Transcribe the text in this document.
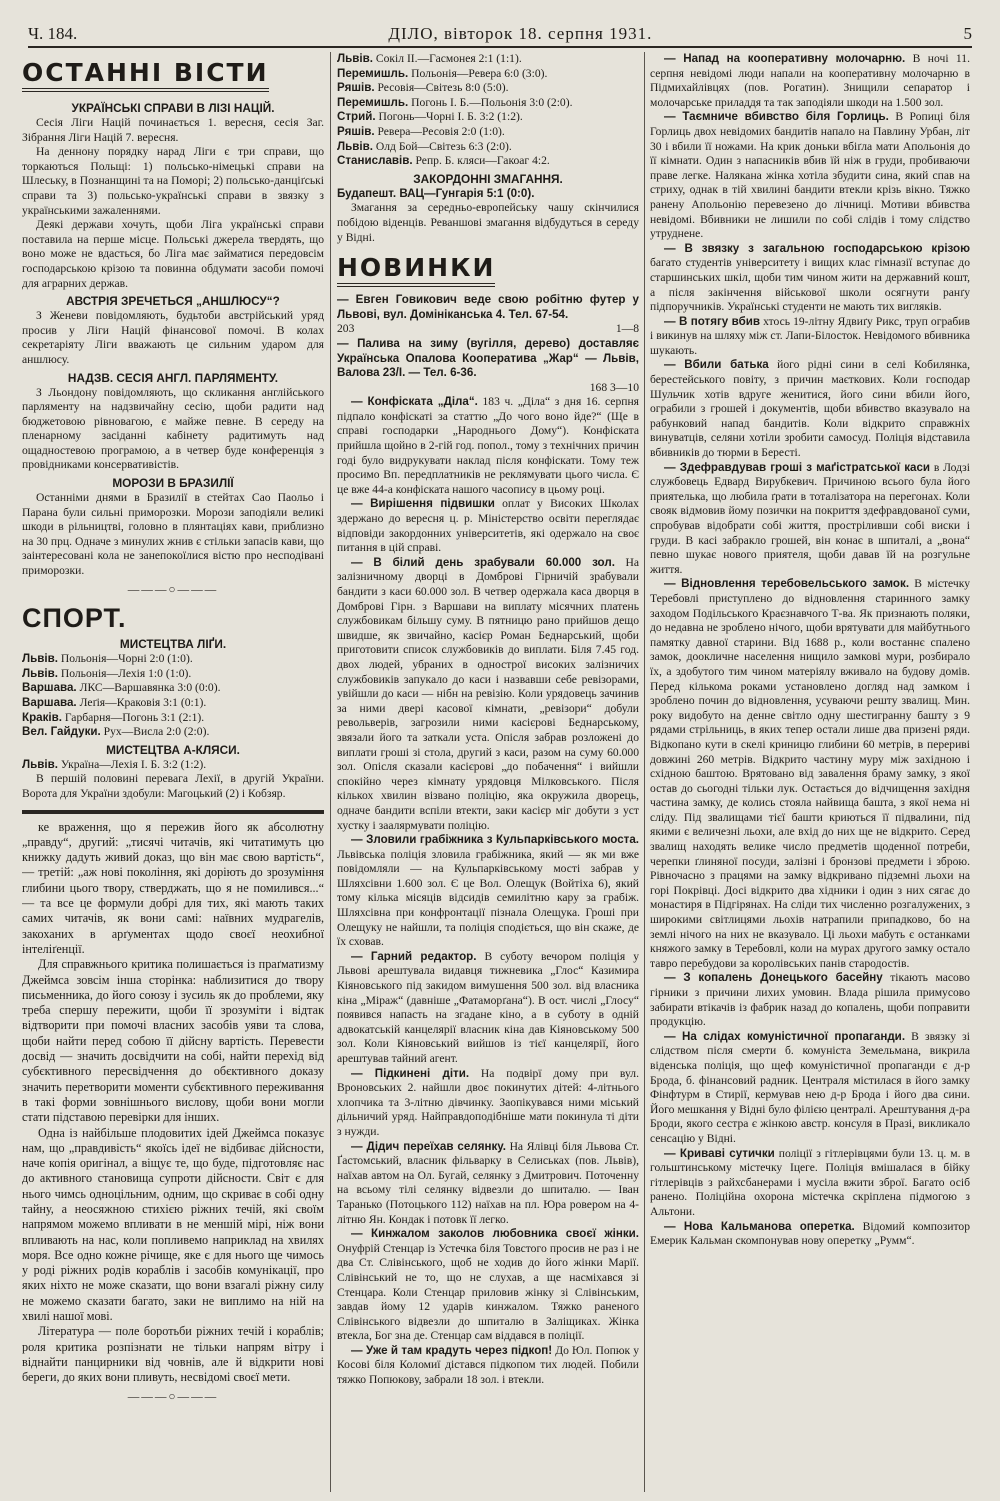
Ч. 184.	ДІЛО, вівторок 18. серпня 1931.	5
ОСТАННІ ВІСТИ
УКРАЇНСЬКІ СПРАВИ В ЛІЗІ НАЦІЙ.

Сесія Ліги Націй починається 1. вересня, сесія Заг. Зібрання Ліги Націй 7. вересня.

На деннону порядку нарад Ліги є три справи, що торкаються Польщі: 1) польсько-німецькі справи на Шлеську, в Познанщині та на Поморі; 2) польсько-данціґські справи та 3) польсько-українські справи в звязку з українськими зажаленнями.

Деякі держави хочуть, щоби Ліга українські справи поставила на перше місце. Польські джерела твердять, що воно може не вдасться, бо Ліга має займатися передовсім господарською крізою та повинна обдумати засоби помочі для аграрних держав.

АВСТРІЯ ЗРЕЧЕТЬСЯ „АНШЛЮСУ“?

З Женеви повідомляють, будьтоби австрійський уряд просив у Ліги Націй фінансової помочі. В колах секретаріяту Ліги вважають це сильним ударом для аншлюсу.

НАДЗВ. СЕСІЯ АНГЛ. ПАРЛЯМЕНТУ.

З Льондону повідомляють, що скликання англійського парляменту на надзвичайну сесію, щоби радити над бюджетовою рівновагою, є майже певне. В середу на пленарному засіданні кабінету радитимуть над ощадностевою програмою, а в четвер буде конференція з провідниками консервативістів.

МОРОЗИ В БРАЗИЛІЇ

Останніми днями в Бразилії в стейтах Сао Паольо і Парана були сильні приморозки. Морози заподіяли великі шкоди в рільництві, головно в плянтаціях кави, приблизно на 30 прц. Одначе з минулих жнив є стільки запасів кави, що заінтересовані кола не занепокоїлися вістю про несподівані приморозки.

———○———
СПОРТ.
МИСТЕЦТВА ЛІҐИ.
Львів. Польонія—Чорні 2:0 (1:0).
Львів. Польонія—Лехія 1:0 (1:0).
Варшава. ЛКС—Варшавянка 3:0 (0:0).
Варшава. Леґія—Краковія 3:1 (0:1).
Краків. Гарбарня—Погонь 3:1 (2:1).
Вел. Гайдуки. Рух—Висла 2:0 (2:0).
МИСТЕЦТВА А-КЛЯСИ.
Львів. Україна—Лехія І. Б. 3:2 (1:2).

В першій половині перевага Лехії, в другій України. Ворота для України здобули: Магоцький (2) і Кобзяр.

ке враження, що я пережив його як абсолютну „правду“, другий: „тисячі читачів, які читатимуть цю книжку дадуть живий доказ, що він має свою вартість“, — третій: „аж нові покоління, які доріють до зрозуміння глибини цього твору, стверджать, що я не помилився...“ — та все це формули добрі для тих, які мають таких самих читачів, як вони самі: наївних мудрагелів, закоханих в арґументах щодо своєї неохибної інтеліґенції.

Для справжнього критика полишається із праґматизму Джеймса зовсім інша сторінка: наблизитися до твору письменника, до його союзу і зусиль як до проблеми, яку треба спершу пережити, щоби її зрозуміти і відтак відтворити при помочі власних засобів уяви та слова, щоби найти перед собою її дійсну вартість. Перевести досвід — значить досвідчити на собі, найти перехід від субєктивного пересвідчення до обєктивного доказу значить перетворити моменти субєктивного переживання в такі форми зовнішнього вислову, щоби вони могли стати підставою перевірки для інших.

Одна із найбільше плодовитих ідей Джеймса показує нам, що „правдивість“ якоїсь ідеї не відбиває дійсности, наче копія оригінал, а віщує те, що буде, підготовляє нас до активного становища супроти дійсности. Світ є для нього чимсь одноцільним, одним, що скриває в собі одну тайну, а неосяжною стихією ріжних течій, які своїм напрямом можемо впливати в не меншій мірі, ніж вони впливають на нас, коли попливемо наприклад на хвилях моря. Все одно кожне річище, яке є для нього ще чимось у роді ріжних родів кораблів і засобів комунікації, про яких ніхто не може сказати, що вони взагалі ріжну силу не можемо сказати багато, заки не виплимо на ній на хвилі нашої мові.

Література — поле боротьби ріжних течій і кораблів; роля критика розпізнати не тільки напрям вітру і віднайти панцирники від човнів, але й відкрити нові береги, до яких вони пливуть, несвідомі своєї мети.

———○———
Львів. Сокіл II.—Гасмонея 2:1 (1:1).
Перемишль. Польонія—Ревера 6:0 (3:0).
Ряшів. Ресовія—Світезь 8:0 (5:0).
Перемишль. Погонь І. Б.—Польонія 3:0 (2:0).
Стрий. Погонь—Чорні І. Б. 3:2 (1:2).
Ряшів. Ревера—Ресовія 2:0 (1:0).
Львів. Олд Бой—Світезь 6:3 (2:0).
Станиславів. Репр. Б. кляси—Гакоаг 4:2.
ЗАКОРДОННІ ЗМАГАННЯ.
Будапешт. ВАЦ—Гунгарія 5:1 (0:0).

Змагання за середньо-европейську чашу скінчилися побідою віденців. Реваншові змагання відбудуться в середу у Відні.

НОВИНКИ

— Евген Говикович веде свою робітню футер у Львові, вул. Домініканська 4. Тел. 67-54.

203	1—8

— Палива на зиму (вугілля, дерево) доставляє Українська Опалова Кооператива „Жар“ — Львів, Валова 23/І. — Тел. 6-36.

168 3—10

— Конфіската „Діла“. 183 ч. „Діла“ з дня 16. серпня підпало конфіскаті за статтю „До чого воно йде?“ (Ще в справі господарки „Народнього Дому“). Конфіската прийшла щойно в 2-гій год. попол., тому з технічних причин годі було видрукувати наклад після конфіскати. Тому теж просимо Вп. передплатників не реклямувати цього числа. Є це вже 44-а конфіската нашого часопису в цьому році.

— Вирішення підвишки оплат у Високих Школах здержано до вересня ц. р. Міністерство освіти переглядає відповіди закордонних університетів, які одержало на своє питання в цій справі.

— В білий день зрабували 60.000 зол. На залізничному дворці в Домброві Гірничій зрабували бандити з каси 60.000 зол. В четвер одержала каса дворця в Домброві Гірн. з Варшави на виплату місячних платень службовикам більшу суму. В пятницю рано прийшов дещо швидше, як звичайно, касієр Роман Беднарський, щоби приготовити список службовиків до виплати. Біля 7.45 год. двох людей, убраних в однострої високих залізничих службовиків запукало до каси і назвавши себе ревізорами, увійшли до каси — нібн на ревізію. Коли урядовець зачинив за ними двері касової кімнати, „ревізори“ добули револьверів, загрозили ними касієрові Беднарському, звязали його та заткали уста. Опісля забрав розложені до виплати гроші зі стола, другий з каси, разом на суму 60.000 зол. Опісля сказали касієрові „до побачення“ і вийшли спокійно через кімнату урядовця Мілковського. Після кількох хвилин візвано поліцію, яка окружила дворець, одначе бандити вспіли втекти, заки касієр міг добути з уст хустку і заалярмувати поліцію.

— Зловили грабіжника з Кульпарківського моста. Львівська поліція зловила грабіжника, який — як ми вже повідомляли — на Кульпарківському мості забрав у Шляхсівни 1.600 зол. Є це Вол. Олещук (Войтіха 6), який тому кілька місяців відсидів семилітню кару за грабіж. Шляхсівна при конфронтації пізнала Олещука. Гроші при Олещуку не найшли, та поліція сподіється, що він скаже, де їх сховав.

— Гарний редактор. В суботу вечором поліція у Львові арештувала видавця тижневика „Глос“ Казимира Кіяновського під закидом вимушення 500 зол. від власника кіна „Міраж“ (давніше „Фатаморґана“). В ост. числі „Глосу“ появився напасть на згадане кіно, а в суботу в одній адвокатській канцелярії власник кіна дав Кіяновському 500 зол. Коли Кіяновський вийшов із тієї канцелярії, його арештував тайний агент.

— Підкинені діти. На подвірї дому при вул. Вроновських 2. найшли двоє покинутих дітей: 4-літнього хлопчика та 3-літню дівчинку. Заопікувався ними міський дільничий уряд. Найправдоподібніше мати покинула ті діти з нужди.

— Дідич переїхав селянку. На Ялівці біля Львова Ст. Ґастомський, власник фільварку в Селиськах (пов. Львів), наїхав автом на Ол. Бугай, селянку з Дмитрович. Поточенну на всьому тілі селянку відвезли до шпиталю. — Іван Таранько (Потоцького 112) наїхав на пл. Юра ровером на 4-літню Ян. Кондак і потовк її легко.

— Кинжалом заколов любовника своєї жінки. Онуфрій Стенцар із Устечка біля Товстого просив не раз і не два Ст. Слівінського, щоб не ходив до його жінки Марії. Слівінський не то, що не слухав, а ще насміхався зі Стенцара. Коли Стенцар приловив жінку зі Слівінським, завдав йому 12 ударів кинжалом. Тяжко раненого Слівінського відвезли до шпиталю в Заліщиках. Жінка втекла, Бог зна де. Стенцар сам віддався в поліції.

— Уже й там крадуть через підкоп! До Юл. Попюк у Косові біля Коломиї дістався підкопом тих людей. Побили тяжко Попюкову, забрали 18 зол. і втекли.

— Напад на кооперативну молочарню. В ночі 11. серпня невідомі люди напали на кооперативну молочарню в Підмихайлівцях (пов. Рогатин). Знищили сепаратор і молочарське приладдя та так заподіяли шкоди на 1.500 зол.

— Таємниче вбивство біля Горлиць. В Ропиці біля Горлиць двох невідомих бандитів напало на Павлину Урбан, літ 30 і вбили її ножами. На крик доньки вбіґла мати Апольонія до її кімнати. Один з напасників вбив їй ніж в груди, пробиваючи праве легке. Налякана жінка хотіла збудити сина, який спав на стриху, однак в тій хвилині бандити втекли крізь вікно. Тяжко ранену Апольонію перевезено до лічниці. Мотиви вбивства невідомі. Вбивники не лишили по собі слідів і тому слідство утруднене.

— В звязку з загальною господарською крізою багато студентів університету і вищих клас гімназії вступає до старшинських шкіл, щоби тим чином жити на державний кошт, а після закінчення військової школи осягнути ранґу підпоручників. Українські студенти не мають тих вигляків.

— В потягу вбив хтось 19-літну Ядвиґу Рикс, труп ограбив і викинув на шляху між ст. Лапи-Білосток. Невідомого вбивника шукають.

— Вбили батька його рідні сини в селі Кобилянка, берестейського повіту, з причин маєткових. Коли господар Шульчик хотів вдруге женитися, його сини вбили його, ограбили з грошей і документів, щоби вбивство вказувало на рабунковий напад бандитів. Коли відкрито справжніх винуватців, селяни хотіли зробити самосуд. Поліція відставила вбивників до тюрми в Бересті.

— Здефравдував гроші з маґістратської каси в Лодзі службовець Едвард Вирубкевич. Причиною всього була його приятелька, що любила ґрати в тоталізатора на перегонах. Коли свояк відмовив йому позички на покриття здефравдованої суми, спробував відобрати собі життя, простріливши собі виски і груди. В касі забракло грошей, він конає в шпиталі, а „вона“ певно шукає нового приятеля, щоби давав їй на розгульне життя.

— Відновлення теребовельського замок. В містечку Теребовлі приступлено до відновлення старинного замку заходом Подільського Краєзнавчого Т-ва. Як признають поляки, до недавна не зроблено нічого, щоби врятувати для майбутнього памятку давної старини. Від 1688 р., коли востаннє спалено замок, доокличне населення нищило замкові мури, розбирало їх, а здобутого тим чином матеріялу вживало на будову домів. Перед кількома роками установлено догляд над замком і зроблено почин до відновлення, усуваючи решту звалищ. Мин. року видобуто на денне світло одну шестигранну башту з 9 рядами стрільниць, в яких тепер остали лише два призені ряди. Відкопано кути в скелі криницю глибини 60 метрів, в перериві довжині 260 метрів. Відкрито частину муру між західною і східною баштою. Врятовано від завалення браму замку, з якої остав до сьогодні тільки лук. Остається до відчищення західня частина замку, де колись стояла найвища башта, з якої нема ні сліду. Під звалищами тієї башти криються її підвалини, під якими є величезні льохи, але вхід до них ще не відкрито. Серед звалищ находять велике число предметів щоденної потреби, черепки ґлиняної посуди, залізні і бронзові предмети і зброю. Рівночасно з працями на замку відкривано підземні льохи на горі Покрівці. Досі відкрито два хідники і один з них сягає до монастиря в Підгірянах. На сліди тих численно розгалужених, з широкими світлицями льохів натрапили припадково, бо на землі нічого на них не вказувало. Ці льохи мабуть є останками княжого замку в Теребовлі, коли на мурах другого замку остало тавро перебудови за королівських панів стародостів.

— З копалень Донецького басейну тікають масово гірники з причини лихих умовин. Влада рішила примусово забирати втікачів із фабрик назад до копалень, щоби поправити продукцію.

— На слідах комуністичної пропаганди. В звязку зі слідством після смерти б. комуніста Земельмана, викрила віденська поліція, що щеф комуністичної пропаганди є д-р Брода, б. фінансовий радник. Централя містилася в його замку Фінфтурм в Стирії, кермував нею д-р Брода і його два сини. Його мешкання у Відні було філією централі. Арештування д-ра Броди, якого сестра є жінкою австр. консуля в Празі, викликало сенсацію у Відні.

— Криваві сутички поліції з гітлерівцями були 13. ц. м. в гольштинському містечку Іцеге. Поліція вмішалася в бійку гітлерівців з райхсбанерами і мусіла вжити зброї. Багато осіб ранено. Поліційна охорона містечка скріплена підмогою з Альтони.

— Нова Кальманова оперетка. Відомий композитор Емерик Кальман скомпонував нову оперетку „Румм“.
